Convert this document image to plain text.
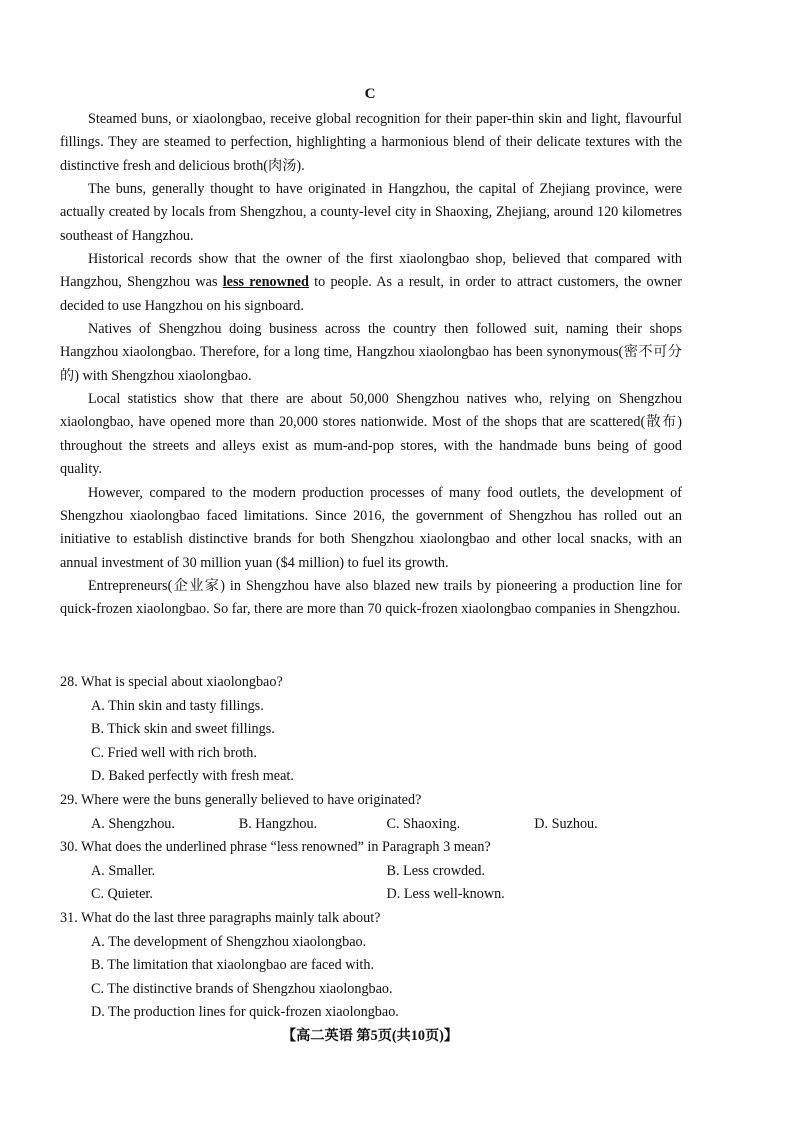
C

Steamed buns, or xiaolongbao, receive global recognition for their paper-thin skin and light, flavourful fillings. They are steamed to perfection, highlighting a harmonious blend of their delicate textures with the distinctive fresh and delicious broth(肉汤).

The buns, generally thought to have originated in Hangzhou, the capital of Zhejiang province, were actually created by locals from Shengzhou, a county-level city in Shaoxing, Zhejiang, around 120 kilometres southeast of Hangzhou.

Historical records show that the owner of the first xiaolongbao shop, believed that compared with Hangzhou, Shengzhou was less renowned to people. As a result, in order to attract customers, the owner decided to use Hangzhou on his signboard.

Natives of Shengzhou doing business across the country then followed suit, naming their shops Hangzhou xiaolongbao. Therefore, for a long time, Hangzhou xiaolongbao has been synonymous(密不可分的) with Shengzhou xiaolongbao.

Local statistics show that there are about 50,000 Shengzhou natives who, relying on Shengzhou xiaolongbao, have opened more than 20,000 stores nationwide. Most of the shops that are scattered(散布) throughout the streets and alleys exist as mum-and-pop stores, with the handmade buns being of good quality.

However, compared to the modern production processes of many food outlets, the development of Shengzhou xiaolongbao faced limitations. Since 2016, the government of Shengzhou has rolled out an initiative to establish distinctive brands for both Shengzhou xiaolongbao and other local snacks, with an annual investment of 30 million yuan ($4 million) to fuel its growth.

Entrepreneurs(企业家) in Shengzhou have also blazed new trails by pioneering a production line for quick-frozen xiaolongbao. So far, there are more than 70 quick-frozen xiaolongbao companies in Shengzhou.

28. What is special about xiaolongbao?

A. Thin skin and tasty fillings.

B. Thick skin and sweet fillings.

C. Fried well with rich broth.

D. Baked perfectly with fresh meat.

29. Where were the buns generally believed to have originated?

A. Shengzhou.	B. Hangzhou.	C. Shaoxing.	D. Suzhou.

30. What does the underlined phrase “less renowned” in Paragraph 3 mean?

A. Smaller.	B. Less crowded.
C. Quieter.	D. Less well-known.

31. What do the last three paragraphs mainly talk about?

A. The development of Shengzhou xiaolongbao.

B. The limitation that xiaolongbao are faced with.

C. The distinctive brands of Shengzhou xiaolongbao.

D. The production lines for quick-frozen xiaolongbao.

【高二英语 第5页(共10页)】
